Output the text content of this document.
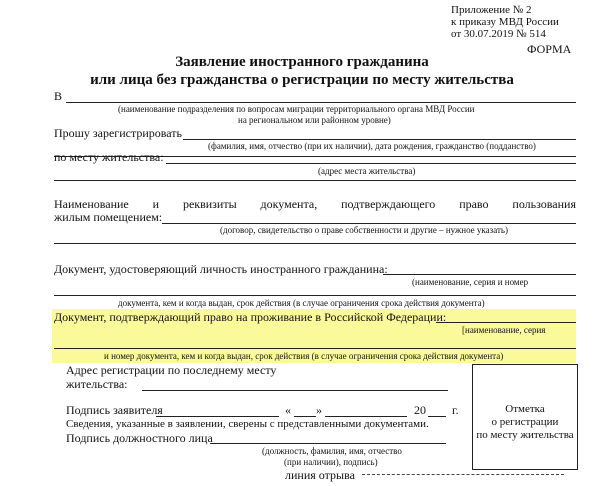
Приложение № 2
к приказу МВД России
от 30.07.2019 № 514
ФОРМА
Заявление иностранного гражданина
или лица без гражданства о регистрации по месту жительства
В
(наименование подразделения по вопросам миграции территориального органа МВД России
на региональном или районном уровне)
Прошу зарегистрировать
(фамилия, имя, отчество (при их наличии), дата рождения, гражданство (подданство)
по месту жительства:
(адрес места жительства)
Наименование и реквизиты документа, подтверждающего право пользования
жилым помещением:
(договор, свидетельство о праве собственности и другие – нужное указать)
Документ, удостоверяющий личность иностранного гражданина:
(наименование, серия и номер
документа, кем и когда выдан, срок действия (в случае ограничения срока действия документа)
Документ, подтверждающий право на проживание в Российской Федерации:
[наименование, серия
и номер документа, кем и когда выдан, срок действия (в случае ограничения срока действия документа)
Адрес регистрации по последнему месту
жительства:
Подпись заявителя	« »	20 г.
Сведения, указанные в заявлении, сверены с представленными документами.
Подпись должностного лица
(должность, фамилия, имя, отчество
(при наличии), подпись)
линия отрыва
Отметка
о регистрации
по месту жительства
